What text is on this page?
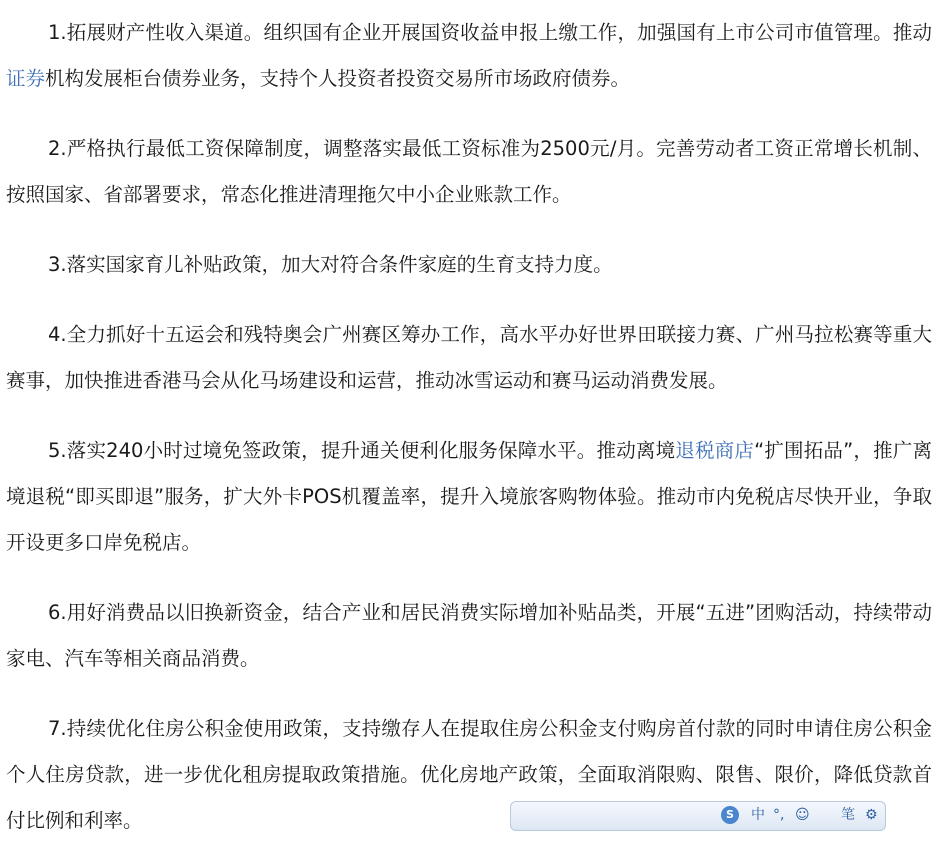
1.拓展财产性收入渠道。组织国有企业开展国资收益申报上缴工作，加强国有上市公司市值管理。推动证券机构发展柜台债券业务，支持个人投资者投资交易所市场政府债券。

2.严格执行最低工资保障制度，调整落实最低工资标准为2500元/月。完善劳动者工资正常增长机制、按照国家、省部署要求，常态化推进清理拖欠中小企业账款工作。

3.落实国家育儿补贴政策，加大对符合条件家庭的生育支持力度。

4.全力抓好十五运会和残特奥会广州赛区筹办工作，高水平办好世界田联接力赛、广州马拉松赛等重大赛事，加快推进香港马会从化马场建设和运营，推动冰雪运动和赛马运动消费发展。

5.落实240小时过境免签政策，提升通关便利化服务保障水平。推动离境退税商店“扩围拓品”，推广离境退税“即买即退”服务，扩大外卡POS机覆盖率，提升入境旅客购物体验。推动市内免税店尽快开业，争取开设更多口岸免税店。

6.用好消费品以旧换新资金，结合产业和居民消费实际增加补贴品类，开展“五进”团购活动，持续带动家电、汽车等相关商品消费。

7.持续优化住房公积金使用政策，支持缴存人在提取住房公积金支付购房首付款的同时申请住房公积金个人住房贷款，进一步优化租房提取政策措施。优化房地产政策，全面取消限购、限售、限价，降低贷款首付比例和利率。	S	中 °, ☺ 笔 ⚙
